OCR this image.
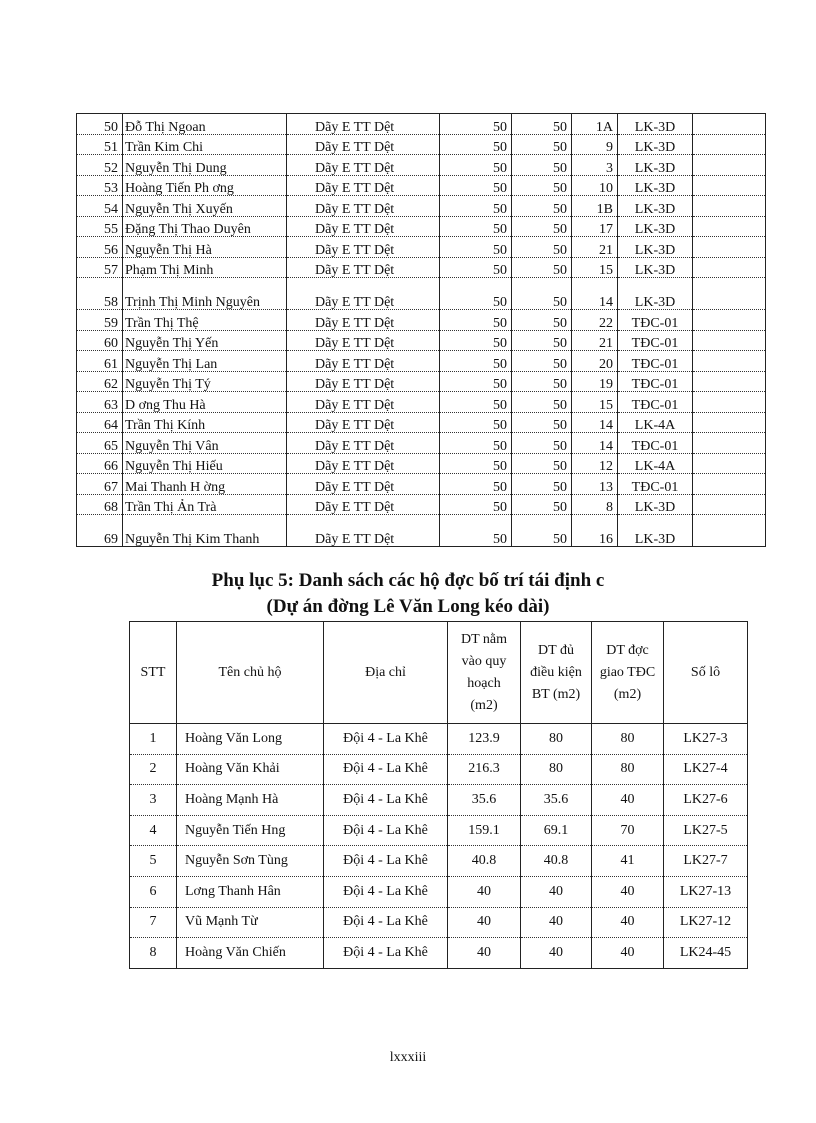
50	Đỗ Thị Ngoan	Dãy E TT Dệt	50	50	1A	LK-3D	
51	Trần Kim Chi	Dãy E TT Dệt	50	50	9	LK-3D	
52	Nguyễn Thị Dung	Dãy E TT Dệt	50	50	3	LK-3D	
53	Hoàng Tiến Ph ơng	Dãy E TT Dệt	50	50	10	LK-3D	
54	Nguyễn Thị Xuyến	Dãy E TT Dệt	50	50	1B	LK-3D	
55	Đặng Thị Thao Duyên	Dãy E TT Dệt	50	50	17	LK-3D	
56	Nguyễn Thị Hà	Dãy E TT Dệt	50	50	21	LK-3D	
57	Phạm Thị Minh	Dãy E TT Dệt	50	50	15	LK-3D	
58	Trịnh Thị Minh Nguyên	Dãy E TT Dệt	50	50	14	LK-3D	
59	Trần Thị Thệ	Dãy E TT Dệt	50	50	22	TĐC-01	
60	Nguyễn Thị Yến	Dãy E TT Dệt	50	50	21	TĐC-01	
61	Nguyễn Thị Lan	Dãy E TT Dệt	50	50	20	TĐC-01	
62	Nguyễn Thị Tý	Dãy E TT Dệt	50	50	19	TĐC-01	
63	D ơng Thu Hà	Dãy E TT Dệt	50	50	15	TĐC-01	
64	Trần Thị Kính	Dãy E TT Dệt	50	50	14	LK-4A	
65	Nguyễn Thị Vân	Dãy E TT Dệt	50	50	14	TĐC-01	
66	Nguyễn Thị Hiếu	Dãy E TT Dệt	50	50	12	LK-4A	
67	Mai Thanh H ờng	Dãy E TT Dệt	50	50	13	TĐC-01	
68	Trần Thị Ản Trà	Dãy E TT Dệt	50	50	8	LK-3D	
69	Nguyễn Thị Kim Thanh	Dãy E TT Dệt	50	50	16	LK-3D	
Phụ lục 5: Danh sách các hộ đợc bố trí tái định c
(Dự án đờng Lê Văn Long kéo dài)
STT	Tên chủ hộ	Địa chỉ	DT nằm vào quy hoạch (m2)	DT đủ điều kiện BT (m2)	DT đợc giao TĐC (m2)	Số lô
1	Hoàng Văn Long	Đội 4 - La Khê	123.9	80	80	LK27-3
2	Hoàng Văn Khải	Đội 4 - La Khê	216.3	80	80	LK27-4
3	Hoàng Mạnh Hà	Đội 4 - La Khê	35.6	35.6	40	LK27-6
4	Nguyễn Tiến Hng	Đội 4 - La Khê	159.1	69.1	70	LK27-5
5	Nguyễn Sơn Tùng	Đội 4 - La Khê	40.8	40.8	41	LK27-7
6	Lơng Thanh Hân	Đội 4 - La Khê	40	40	40	LK27-13
7	Vũ Mạnh Từ	Đội 4 - La Khê	40	40	40	LK27-12
8	Hoàng Văn Chiến	Đội 4 - La Khê	40	40	40	LK24-45
lxxxiii
